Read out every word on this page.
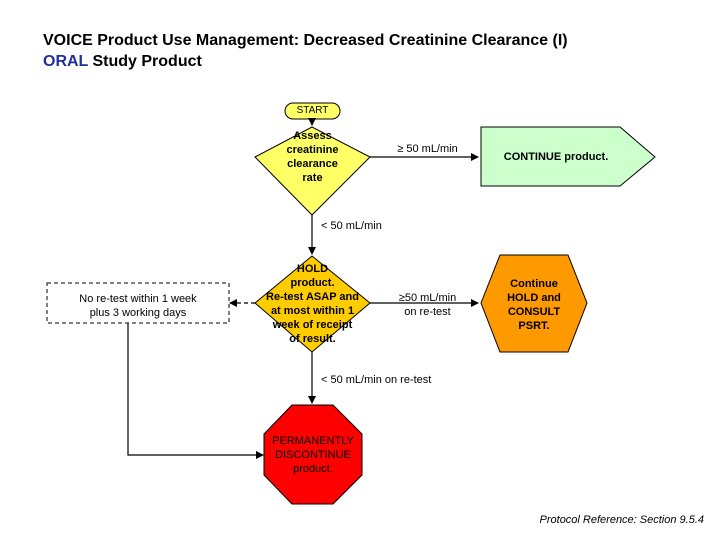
VOICE Product Use Management: Decreased Creatinine Clearance (I)
ORAL Study Product
START
Assess
creatinine
clearance
rate
≥ 50 mL/min
CONTINUE product.
< 50 mL/min
HOLD
product.
Re-test ASAP and
at most within 1
week of receipt
of result.
No re-test within 1 week
plus 3 working days
≥50 mL/min
on re-test
Continue
HOLD and
CONSULT
PSRT.
< 50 mL/min on re-test
PERMANENTLY
DISCONTINUE
product.
Protocol Reference: Section 9.5.4
